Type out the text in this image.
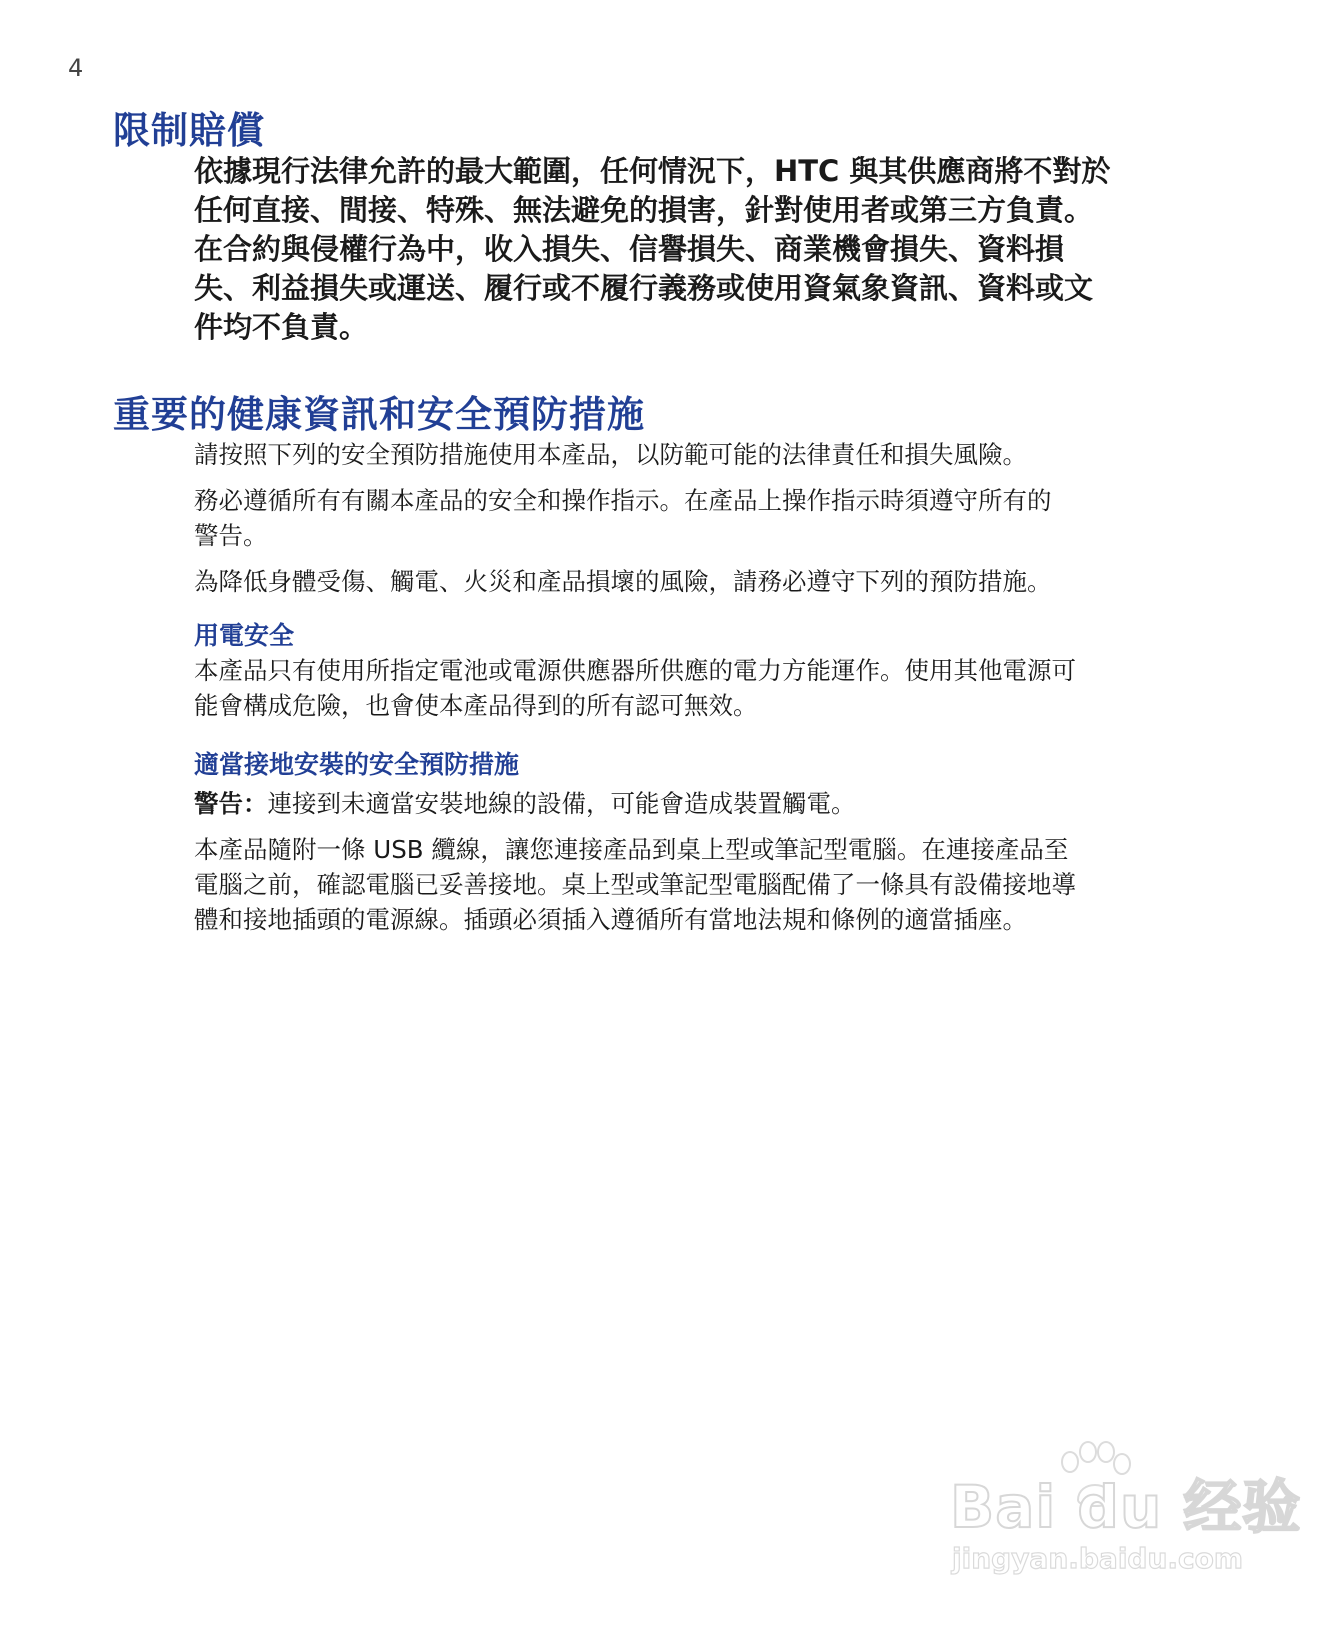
4
限制賠償

依據現行法律允許的最大範圍，任何情況下，HTC 與其供應商將不對於

任何直接、間接、特殊、無法避免的損害，針對使用者或第三方負責。

在合約與侵權行為中，收入損失、信譽損失、商業機會損失、資料損

失、利益損失或運送、履行或不履行義務或使用資氣象資訊、資料或文

件均不負責。

重要的健康資訊和安全預防措施
請按照下列的安全預防措施使用本產品，以防範可能的法律責任和損失風險。
務必遵循所有有關本產品的安全和操作指示。在產品上操作指示時須遵守所有的
警告。
為降低身體受傷、觸電、火災和產品損壞的風險，請務必遵守下列的預防措施。
用電安全
本產品只有使用所指定電池或電源供應器所供應的電力方能運作。使用其他電源可
能會構成危險，也會使本產品得到的所有認可無效。
適當接地安裝的安全預防措施
警告：連接到未適當安裝地線的設備，可能會造成裝置觸電。
本產品隨附一條 USB 纜線，讓您連接產品到桌上型或筆記型電腦。在連接產品至
電腦之前，確認電腦已妥善接地。桌上型或筆記型電腦配備了一條具有設備接地導
體和接地插頭的電源線。插頭必須插入遵循所有當地法規和條例的適當插座。
Bai du 经验
jingyan.baidu.com
